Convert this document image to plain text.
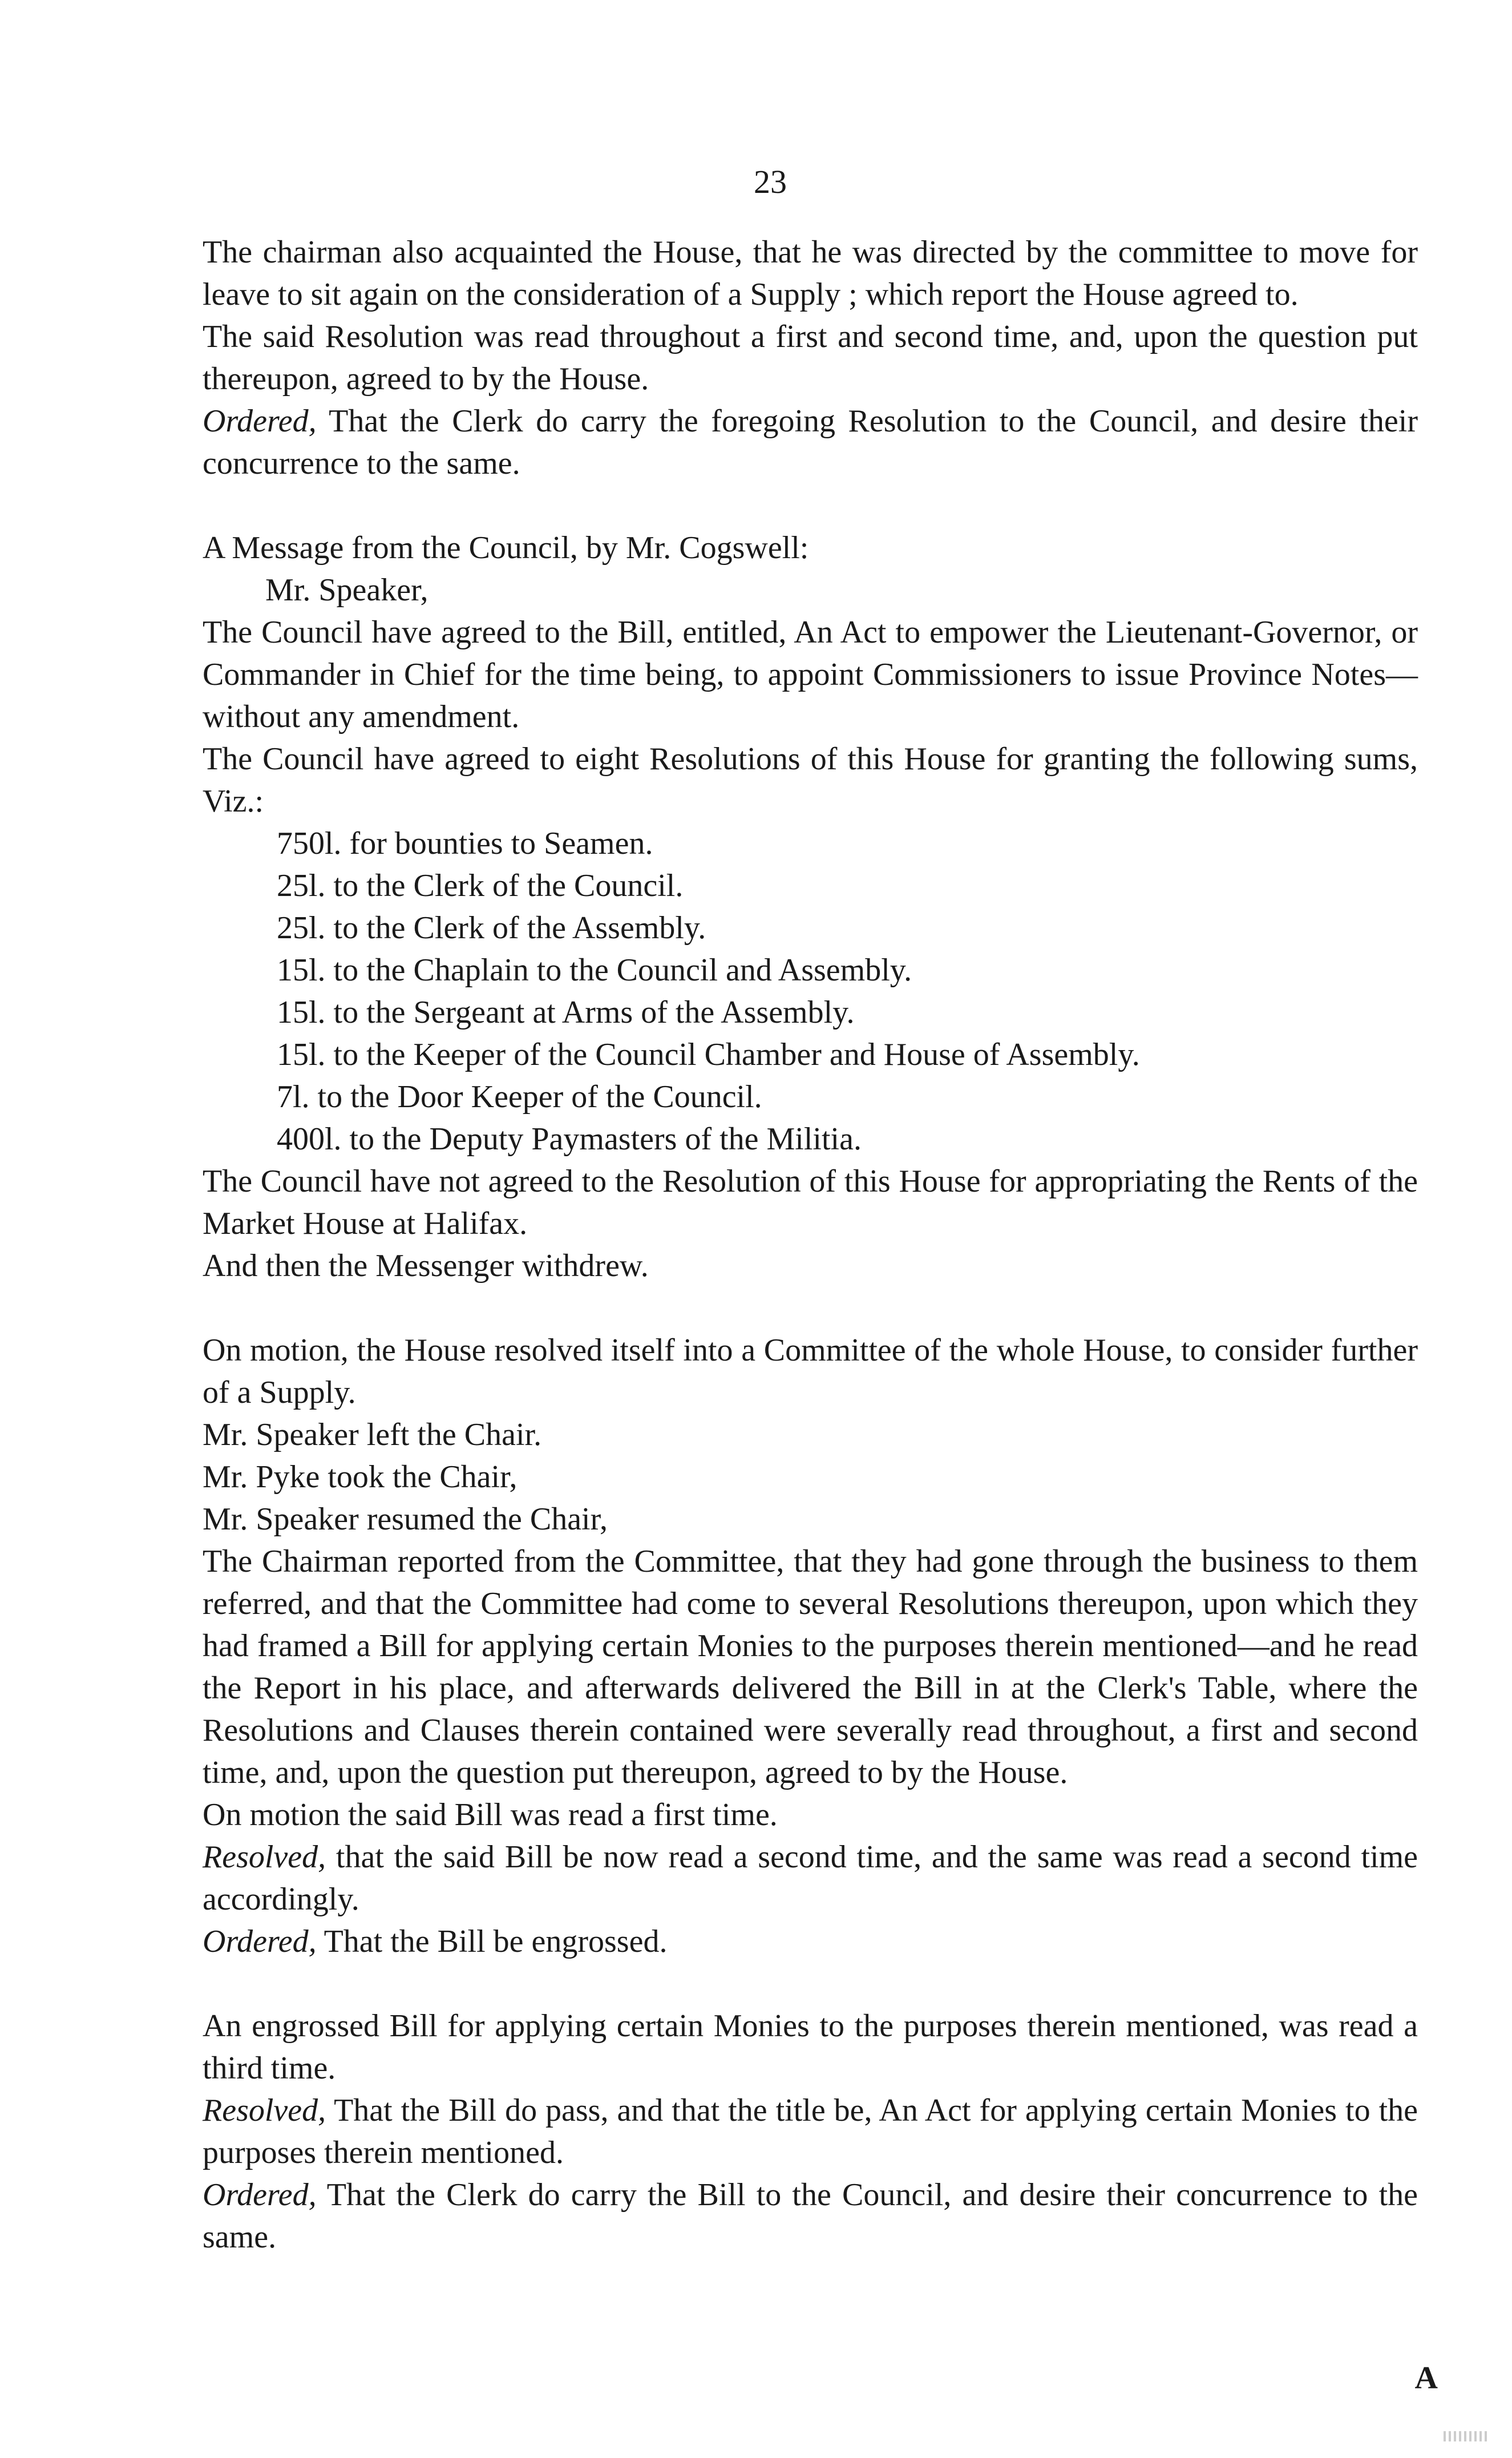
23

The chairman also acquainted the House, that he was directed by the committee to move for leave to sit again on the consideration of a Supply ; which report the House agreed to.

The said Resolution was read throughout a first and second time, and, upon the question put thereupon, agreed to by the House.

Ordered, That the Clerk do carry the foregoing Resolution to the Council, and desire their concurrence to the same.

A Message from the Council, by Mr. Cogswell:

Mr. Speaker,

The Council have agreed to the Bill, entitled, An Act to empower the Lieutenant-Governor, or Commander in Chief for the time being, to appoint Commissioners to issue Province Notes—without any amendment.

The Council have agreed to eight Resolutions of this House for granting the following sums, Viz.:

750l. for bounties to Seamen.

25l. to the Clerk of the Council.

25l. to the Clerk of the Assembly.

15l. to the Chaplain to the Council and Assembly.

15l. to the Sergeant at Arms of the Assembly.

15l. to the Keeper of the Council Chamber and House of Assembly.

7l. to the Door Keeper of the Council.

400l. to the Deputy Paymasters of the Militia.

The Council have not agreed to the Resolution of this House for appropriating the Rents of the Market House at Halifax.

And then the Messenger withdrew.

On motion, the House resolved itself into a Committee of the whole House, to consider further of a Supply.

Mr. Speaker left the Chair.

Mr. Pyke took the Chair,

Mr. Speaker resumed the Chair,

The Chairman reported from the Committee, that they had gone through the business to them referred, and that the Committee had come to several Resolutions thereupon, upon which they had framed a Bill for applying certain Monies to the purposes therein mentioned—and he read the Report in his place, and afterwards delivered the Bill in at the Clerk's Table, where the Resolutions and Clauses therein contained were severally read throughout, a first and second time, and, upon the question put thereupon, agreed to by the House.

On motion the said Bill was read a first time.

Resolved, that the said Bill be now read a second time, and the same was read a second time accordingly.

Ordered, That the Bill be engrossed.

An engrossed Bill for applying certain Monies to the purposes therein mentioned, was read a third time.

Resolved, That the Bill do pass, and that the title be, An Act for applying certain Monies to the purposes therein mentioned.

Ordered, That the Clerk do carry the Bill to the Council, and desire their concurrence to the same.

A
